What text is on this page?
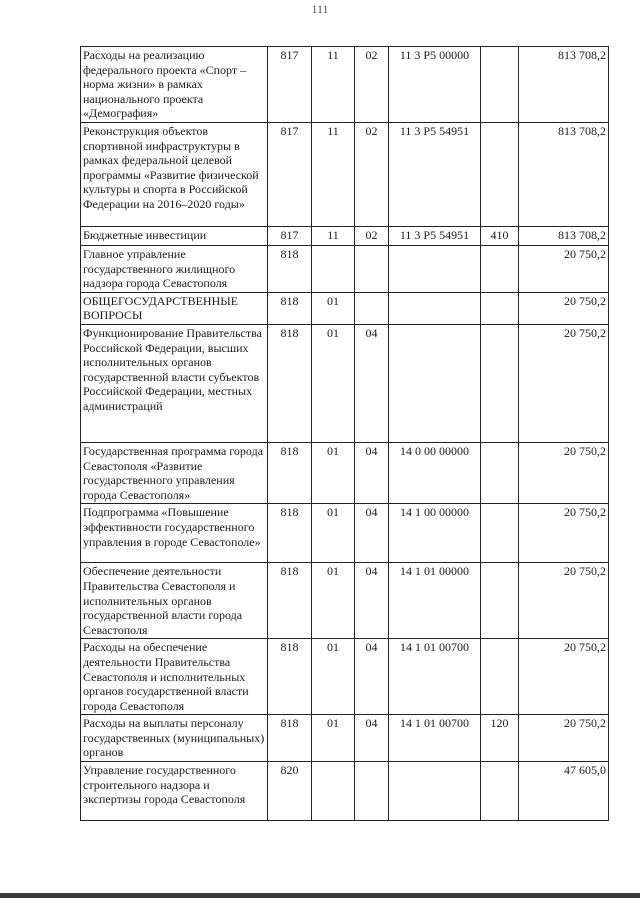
111
Расходы на реализацию федерального проекта «Спорт – норма жизни» в рамках национального проекта «Демография»	817	11	02	11 3 P5 00000		813 708,2
Реконструкция объектов спортивной инфраструктуры в рамках федеральной целевой программы «Развитие физической культуры и спорта в Российской Федерации на 2016–2020 годы»	817	11	02	11 3 P5 54951		813 708,2
Бюджетные инвестиции	817	11	02	11 3 P5 54951	410	813 708,2
Главное управление государственного жилищного надзора города Севастополя	818					20 750,2
ОБЩЕГОСУДАРСТВЕННЫЕ ВОПРОСЫ	818	01				20 750,2
Функционирование Правительства Российской Федерации, высших исполнительных органов государственной власти субъектов Российской Федерации, местных администраций	818	01	04			20 750,2
Государственная программа города Севастополя «Развитие государственного управления города Севастополя»	818	01	04	14 0 00 00000		20 750,2
Подпрограмма «Повышение эффективности государственного управления в городе Севастополе»	818	01	04	14 1 00 00000		20 750,2
Обеспечение деятельности Правительства Севастополя и исполнительных органов государственной власти города Севастополя	818	01	04	14 1 01 00000		20 750,2
Расходы на обеспечение деятельности Правительства Севастополя и исполнительных органов государственной власти города Севастополя	818	01	04	14 1 01 00700		20 750,2
Расходы на выплаты персоналу государственных (муниципальных) органов	818	01	04	14 1 01 00700	120	20 750,2
Управление государственного строительного надзора и экспертизы города Севастополя	820					47 605,0
